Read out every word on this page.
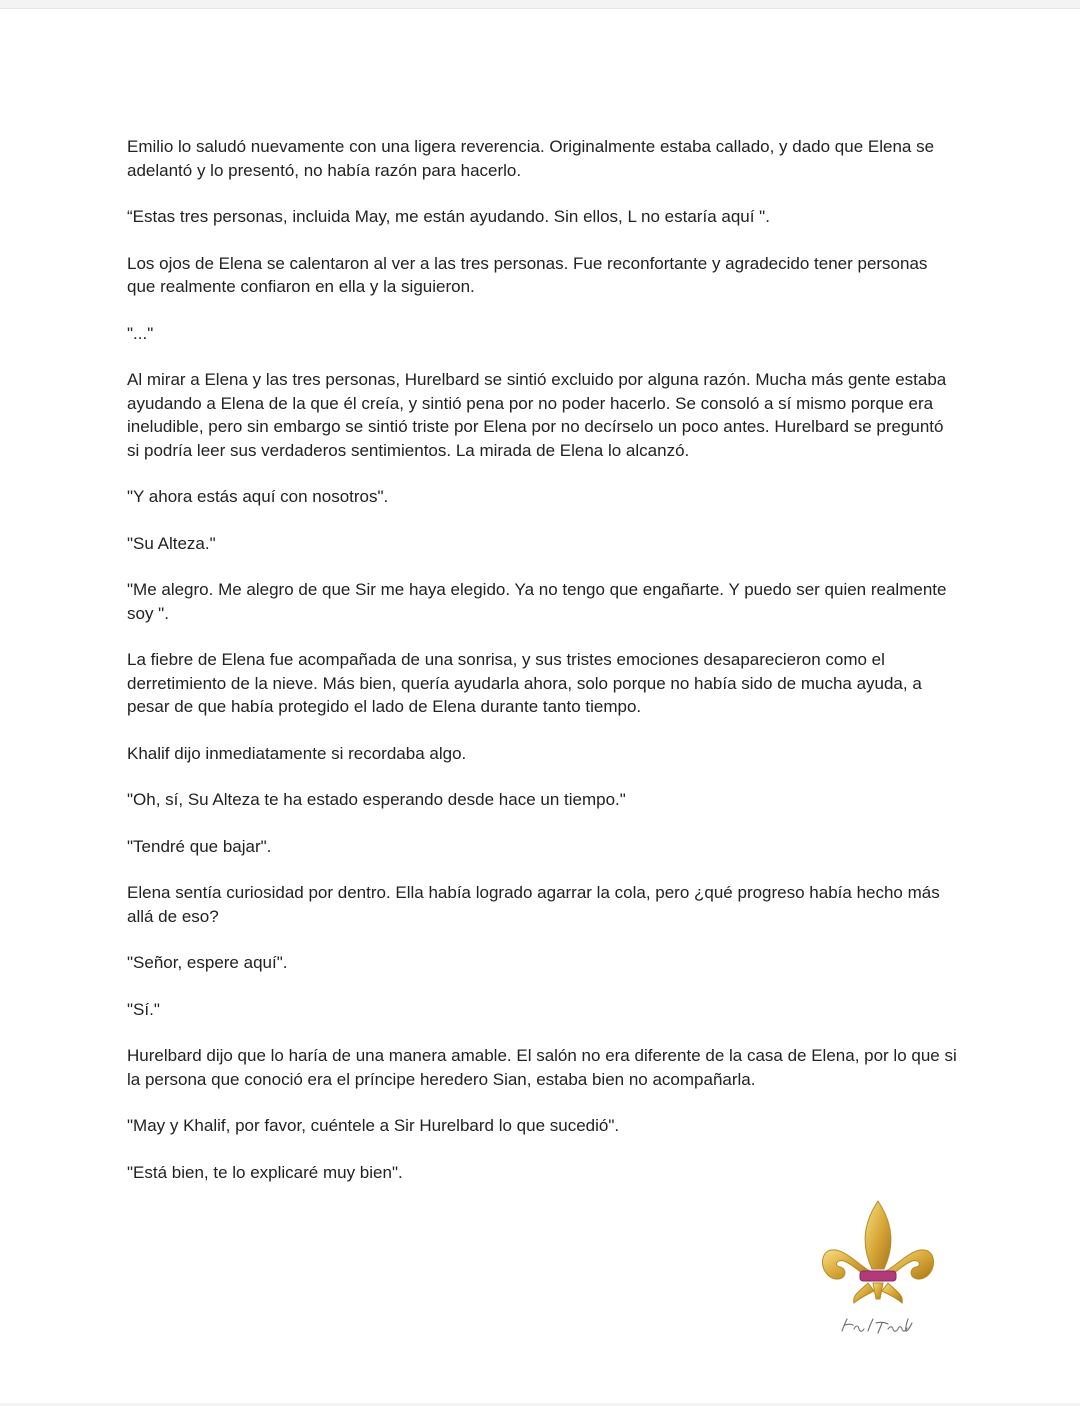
Emilio lo saludó nuevamente con una ligera reverencia. Originalmente estaba callado, y dado que Elena se adelantó y lo presentó, no había razón para hacerlo.

“Estas tres personas, incluida May, me están ayudando. Sin ellos, L no estaría aquí ".

Los ojos de Elena se calentaron al ver a las tres personas. Fue reconfortante y agradecido tener personas que realmente confiaron en ella y la siguieron.

"..."

Al mirar a Elena y las tres personas, Hurelbard se sintió excluido por alguna razón. Mucha más gente estaba ayudando a Elena de la que él creía, y sintió pena por no poder hacerlo. Se consoló a sí mismo porque era ineludible, pero sin embargo se sintió triste por Elena por no decírselo un poco antes. Hurelbard se preguntó si podría leer sus verdaderos sentimientos. La mirada de Elena lo alcanzó.

"Y ahora estás aquí con nosotros".

"Su Alteza."

"Me alegro. Me alegro de que Sir me haya elegido. Ya no tengo que engañarte. Y puedo ser quien realmente soy ".

La fiebre de Elena fue acompañada de una sonrisa, y sus tristes emociones desaparecieron como el derretimiento de la nieve. Más bien, quería ayudarla ahora, solo porque no había sido de mucha ayuda, a pesar de que había protegido el lado de Elena durante tanto tiempo.

Khalif dijo inmediatamente si recordaba algo.

"Oh, sí, Su Alteza te ha estado esperando desde hace un tiempo."

"Tendré que bajar".

Elena sentía curiosidad por dentro. Ella había logrado agarrar la cola, pero ¿qué progreso había hecho más allá de eso?

"Señor, espere aquí".

"Sí."

Hurelbard dijo que lo haría de una manera amable. El salón no era diferente de la casa de Elena, por lo que si la persona que conoció era el príncipe heredero Sian, estaba bien no acompañarla.

"May y Khalif, por favor, cuéntele a Sir Hurelbard lo que sucedió".

"Está bien, te lo explicaré muy bien".
